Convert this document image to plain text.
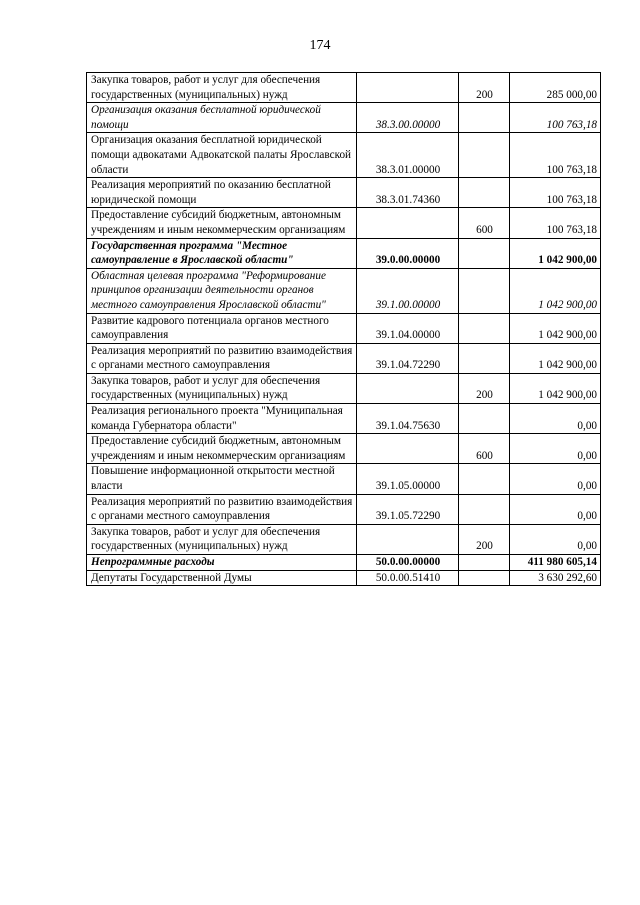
174
Закупка товаров, работ и услуг для обеспечения государственных (муниципальных) нужд		200	285 000,00
Организация оказания бесплатной юридической помощи	38.3.00.00000		100 763,18
Организация оказания бесплатной юридической помощи адвокатами Адвокатской палаты Ярославской области	38.3.01.00000		100 763,18
Реализация мероприятий по оказанию бесплатной юридической помощи	38.3.01.74360		100 763,18
Предоставление субсидий бюджетным, автономным учреждениям и иным некоммерческим организациям		600	100 763,18
Государственная программа "Местное самоуправление в Ярославской области"	39.0.00.00000		1 042 900,00
Областная целевая программа "Реформирование принципов организации деятельности органов местного самоуправления Ярославской области"	39.1.00.00000		1 042 900,00
Развитие кадрового потенциала органов местного самоуправления	39.1.04.00000		1 042 900,00
Реализация мероприятий по развитию взаимодействия с органами местного самоуправления	39.1.04.72290		1 042 900,00
Закупка товаров, работ и услуг для обеспечения государственных (муниципальных) нужд		200	1 042 900,00
Реализация регионального проекта "Муниципальная команда Губернатора области"	39.1.04.75630		0,00
Предоставление субсидий бюджетным, автономным учреждениям и иным некоммерческим организациям		600	0,00
Повышение информационной открытости местной власти	39.1.05.00000		0,00
Реализация мероприятий по развитию взаимодействия с органами местного самоуправления	39.1.05.72290		0,00
Закупка товаров, работ и услуг для обеспечения государственных (муниципальных) нужд		200	0,00
Непрограммные расходы	50.0.00.00000		411 980 605,14
Депутаты Государственной Думы	50.0.00.51410		3 630 292,60
